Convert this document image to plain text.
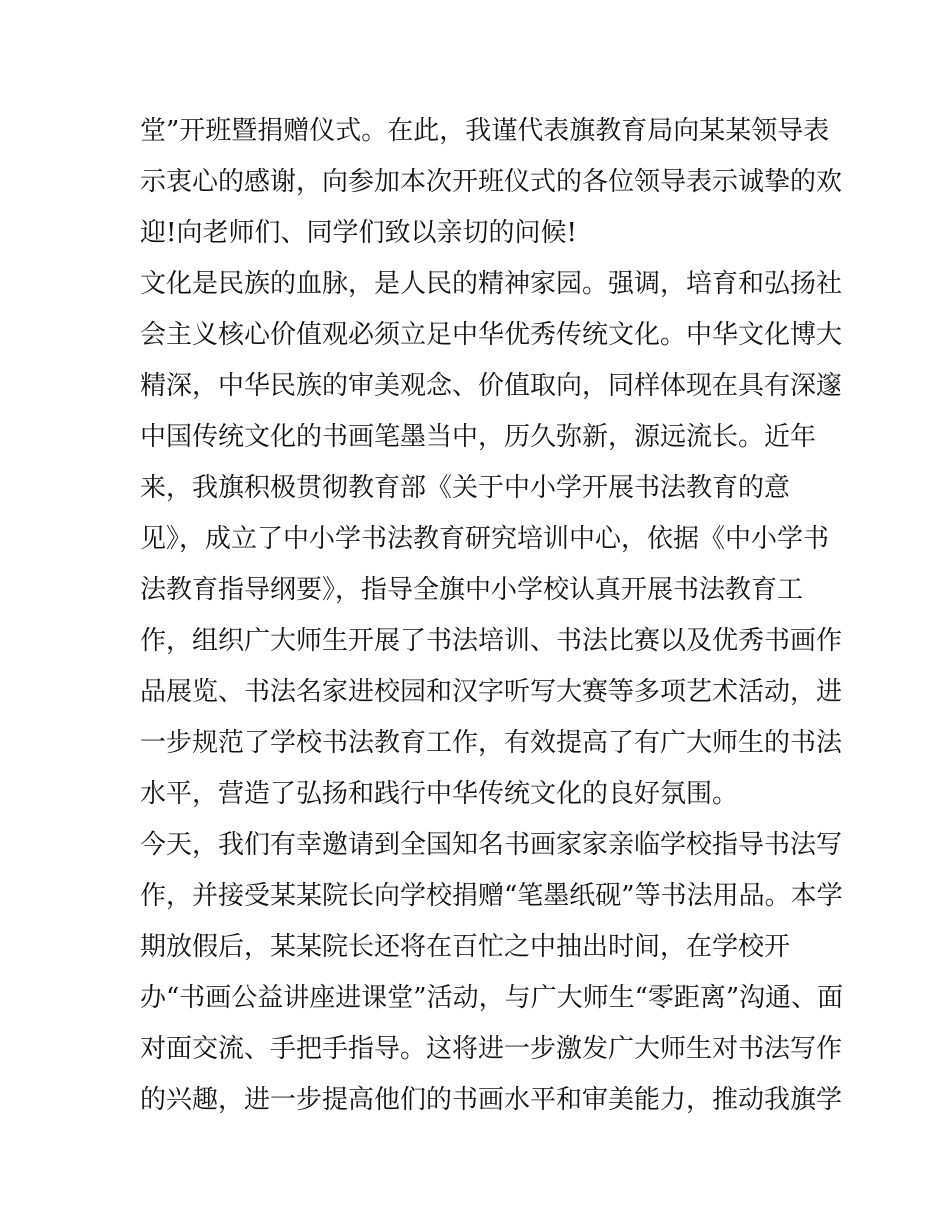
堂”开班暨捐赠仪式。在此，我谨代表旗教育局向某某领导表
示衷心的感谢，向参加本次开班仪式的各位领导表示诚挚的欢
迎!向老师们、同学们致以亲切的问候!
文化是民族的血脉，是人民的精神家园。强调，培育和弘扬社
会主义核心价值观必须立足中华优秀传统文化。中华文化博大
精深，中华民族的审美观念、价值取向，同样体现在具有深邃
中国传统文化的书画笔墨当中，历久弥新，源远流长。近年
来，我旗积极贯彻教育部《关于中小学开展书法教育的意
见》，成立了中小学书法教育研究培训中心，依据《中小学书
法教育指导纲要》，指导全旗中小学校认真开展书法教育工
作，组织广大师生开展了书法培训、书法比赛以及优秀书画作
品展览、书法名家进校园和汉字听写大赛等多项艺术活动，进
一步规范了学校书法教育工作，有效提高了有广大师生的书法
水平，营造了弘扬和践行中华传统文化的良好氛围。
今天，我们有幸邀请到全国知名书画家家亲临学校指导书法写
作，并接受某某院长向学校捐赠“笔墨纸砚”等书法用品。本学
期放假后，某某院长还将在百忙之中抽出时间，在学校开
办“书画公益讲座进课堂”活动，与广大师生“零距离”沟通、面
对面交流、手把手指导。这将进一步激发广大师生对书法写作
的兴趣，进一步提高他们的书画水平和审美能力，推动我旗学
